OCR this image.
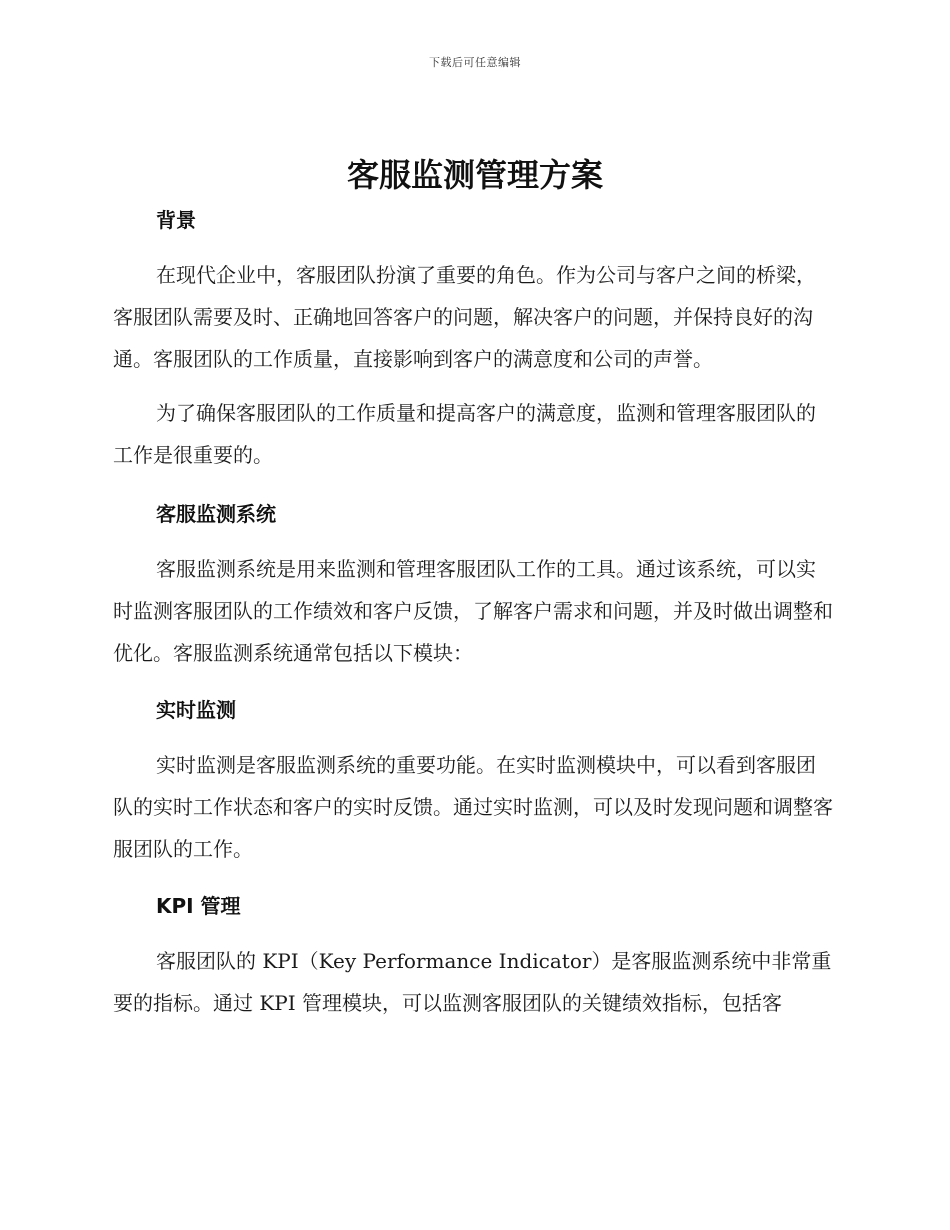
下载后可任意编辑
客服监测管理方案
背景

在现代企业中，客服团队扮演了重要的角色。作为公司与客户之间的桥梁，客服团队需要及时、正确地回答客户的问题，解决客户的问题，并保持良好的沟通。客服团队的工作质量，直接影响到客户的满意度和公司的声誉。

为了确保客服团队的工作质量和提高客户的满意度，监测和管理客服团队的工作是很重要的。

客服监测系统

客服监测系统是用来监测和管理客服团队工作的工具。通过该系统，可以实时监测客服团队的工作绩效和客户反馈，了解客户需求和问题，并及时做出调整和优化。客服监测系统通常包括以下模块：

实时监测

实时监测是客服监测系统的重要功能。在实时监测模块中，可以看到客服团队的实时工作状态和客户的实时反馈。通过实时监测，可以及时发现问题和调整客服团队的工作。

KPI 管理

客服团队的 KPI（Key Performance Indicator）是客服监测系统中非常重要的指标。通过 KPI 管理模块，可以监测客服团队的关键绩效指标，包括客
